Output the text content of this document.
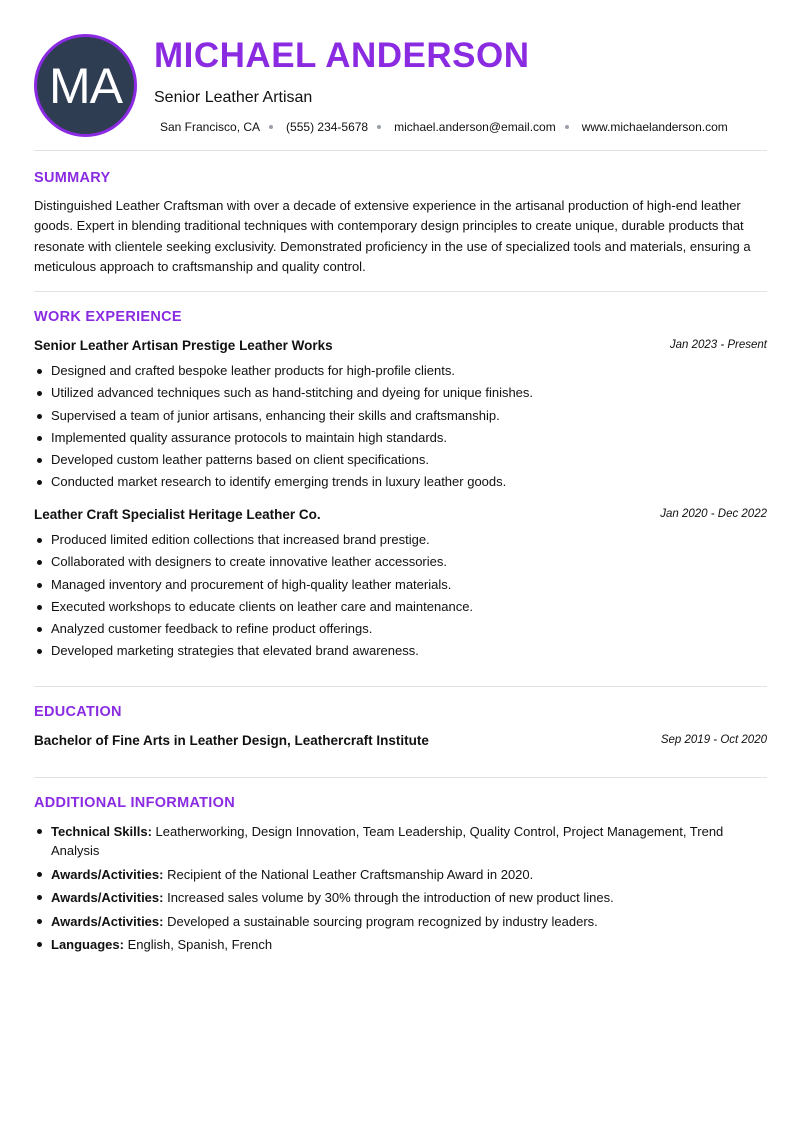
MA
MICHAEL ANDERSON
Senior Leather Artisan
San Francisco, CA (555) 234-5678 michael.anderson@email.com www.michaelanderson.com
SUMMARY
Distinguished Leather Craftsman with over a decade of extensive experience in the artisanal production of high-end leather goods. Expert in blending traditional techniques with contemporary design principles to create unique, durable products that resonate with clientele seeking exclusivity. Demonstrated proficiency in the use of specialized tools and materials, ensuring a meticulous approach to craftsmanship and quality control.
WORK EXPERIENCE
Senior Leather Artisan Prestige Leather Works	Jan 2023 - Present
Designed and crafted bespoke leather products for high-profile clients.
Utilized advanced techniques such as hand-stitching and dyeing for unique finishes.
Supervised a team of junior artisans, enhancing their skills and craftsmanship.
Implemented quality assurance protocols to maintain high standards.
Developed custom leather patterns based on client specifications.
Conducted market research to identify emerging trends in luxury leather goods.
Leather Craft Specialist Heritage Leather Co.	Jan 2020 - Dec 2022
Produced limited edition collections that increased brand prestige.
Collaborated with designers to create innovative leather accessories.
Managed inventory and procurement of high-quality leather materials.
Executed workshops to educate clients on leather care and maintenance.
Analyzed customer feedback to refine product offerings.
Developed marketing strategies that elevated brand awareness.
EDUCATION
Bachelor of Fine Arts in Leather Design, Leathercraft Institute	Sep 2019 - Oct 2020
ADDITIONAL INFORMATION
Technical Skills: Leatherworking, Design Innovation, Team Leadership, Quality Control, Project Management, Trend Analysis
Awards/Activities: Recipient of the National Leather Craftsmanship Award in 2020.
Awards/Activities: Increased sales volume by 30% through the introduction of new product lines.
Awards/Activities: Developed a sustainable sourcing program recognized by industry leaders.
Languages: English, Spanish, French
